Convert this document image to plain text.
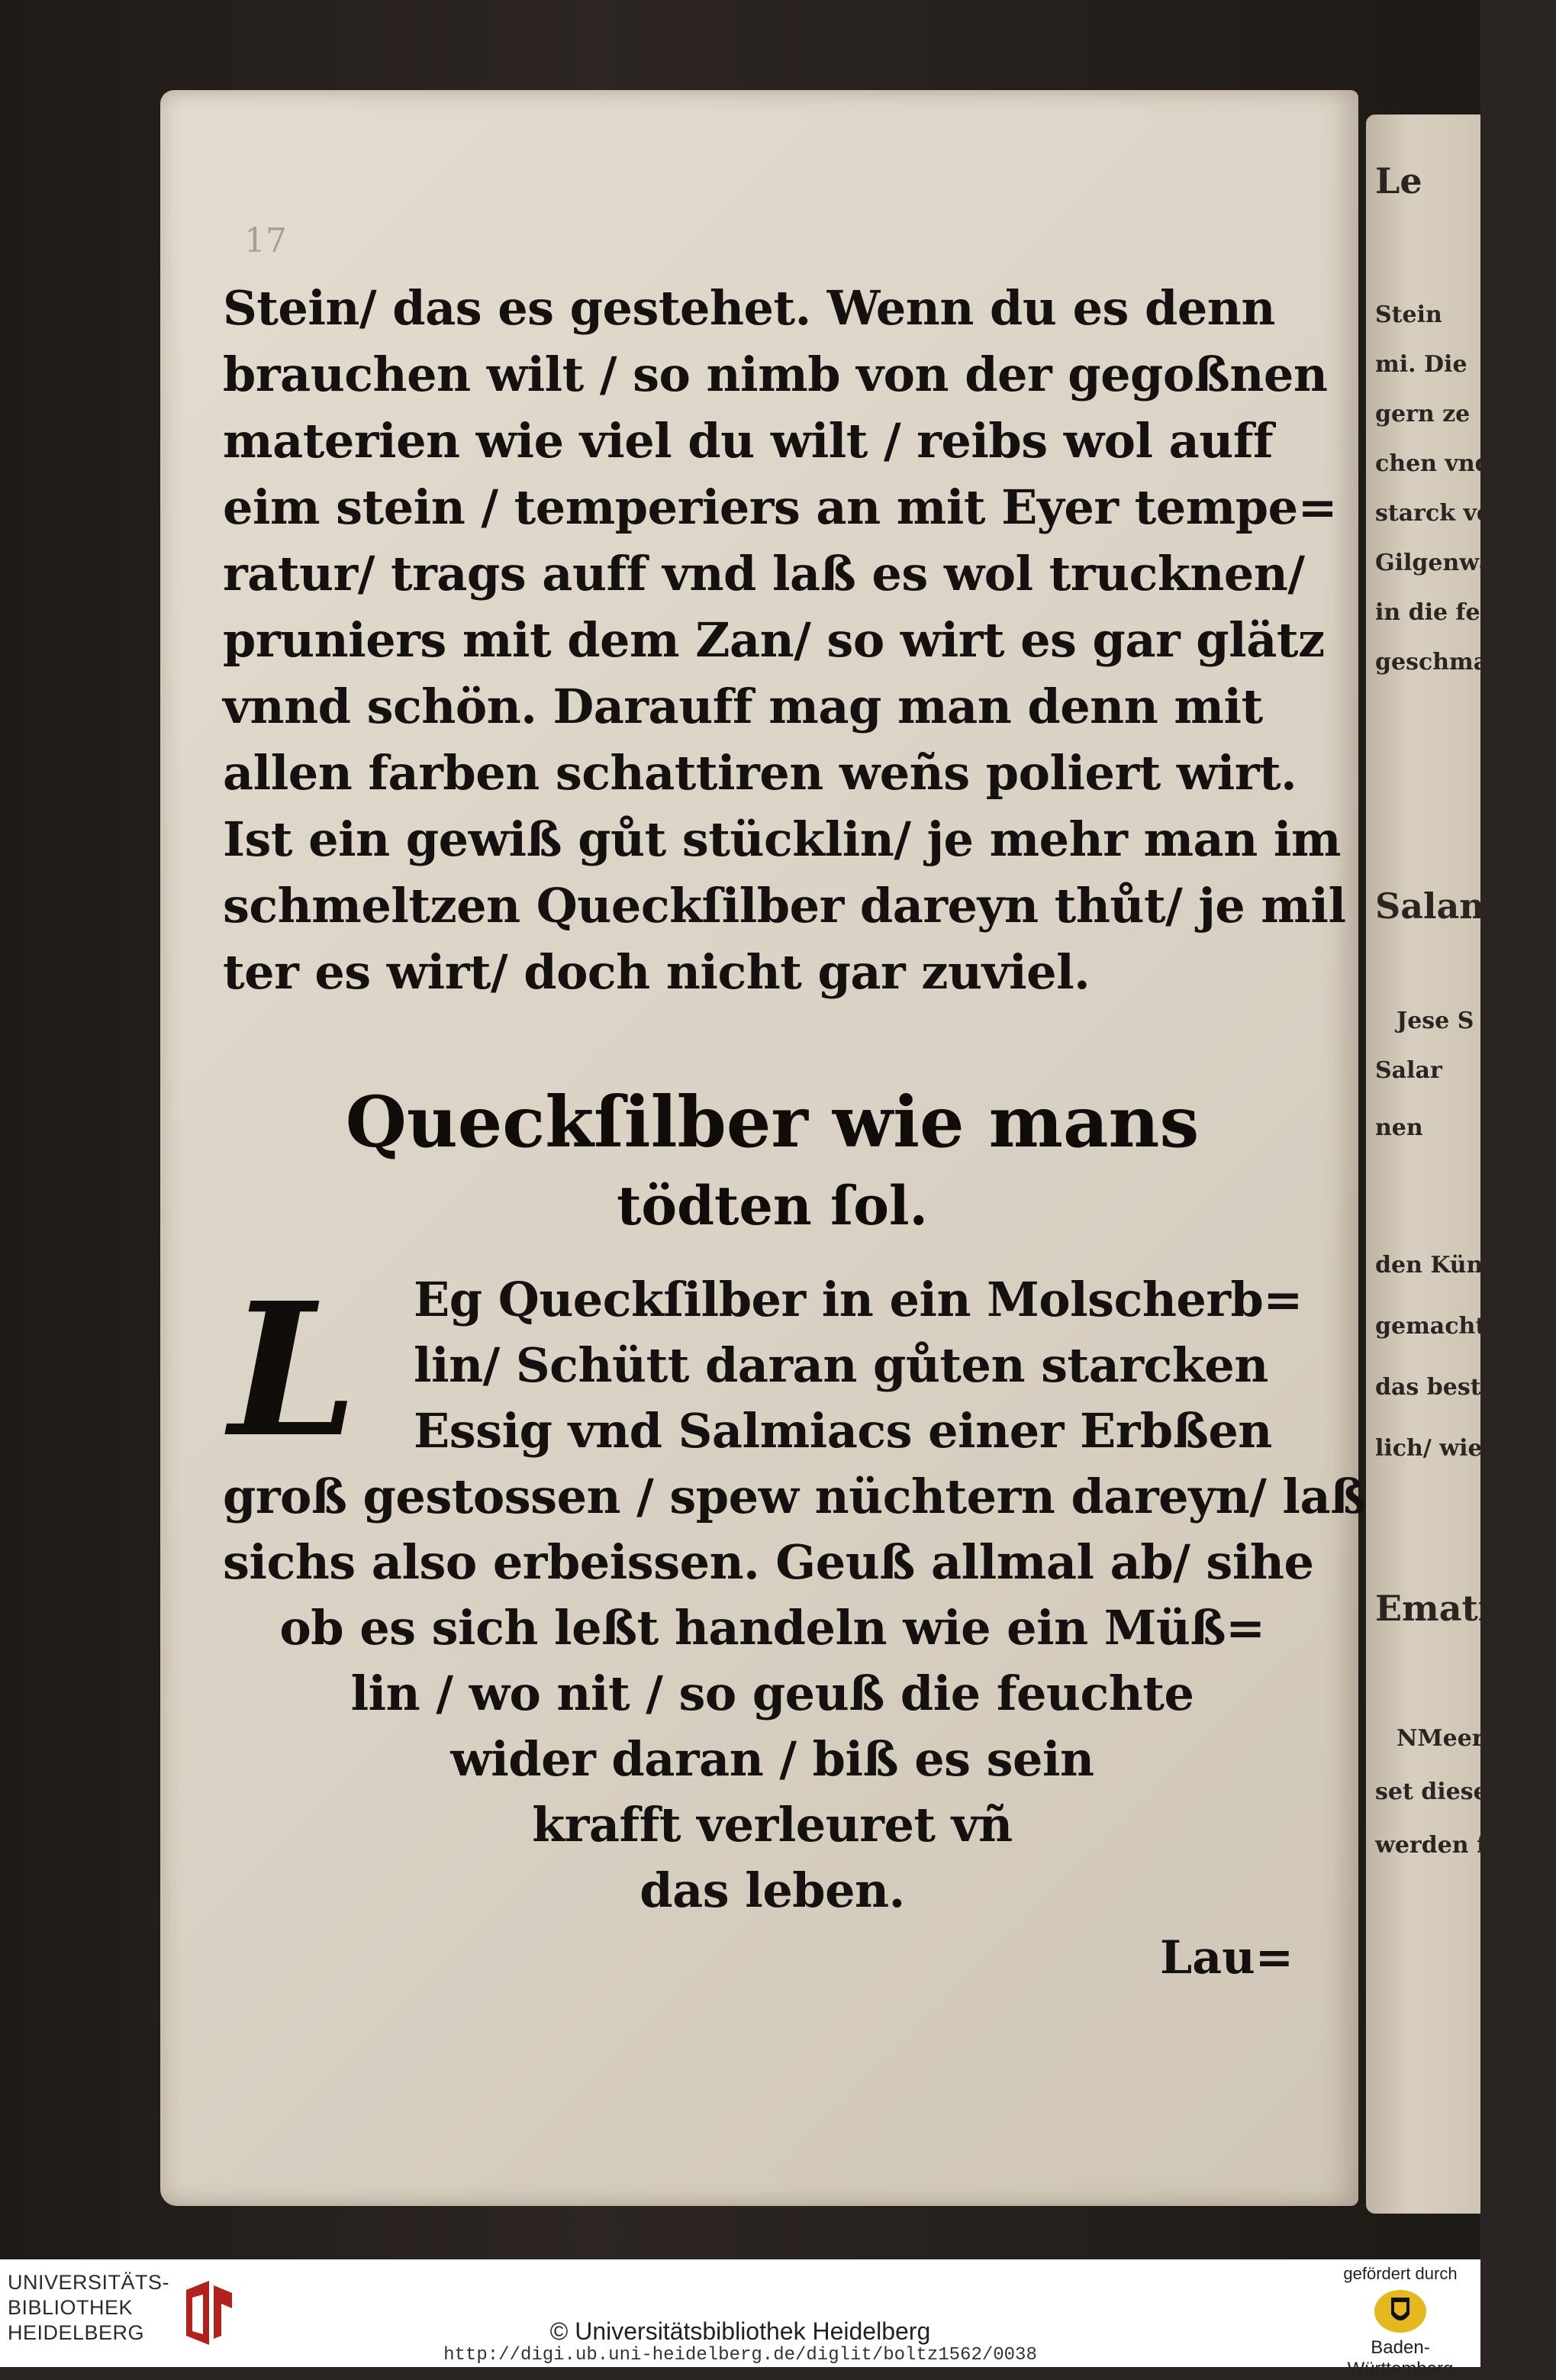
Le
Stein
mi. Die
gern ze
chen vnder
starck verw
Gilgenwas
in die ferblin
geschmack.
Salam
Jese S
Salar
nen
den Künstle
gemacht/ da
das beste. J
lich/ wie du in
Ematit
NMeer
set dieser
werden f
17
Stein/ das es gestehet. Wenn du es denn
brauchen wilt / so nimb von der gegoßnen
materien wie viel du wilt / reibs wol auff
eim stein / temperiers an mit Eyer tempe=
ratur/ trags auff vnd laß es wol trucknen/
pruniers mit dem Zan/ so wirt es gar glätz
vnnd schön. Darauff mag man denn mit
allen farben schattiren weñs poliert wirt.
Ist ein gewiß gůt stücklin/ je mehr man im
schmeltzen Queckſilber dareyn thůt/ je mil
ter es wirt/ doch nicht gar zuviel.
Queckſilber wie mans
tödten ſol.
L	Eg Queckſilber in ein Molscherb=
lin/ Schütt daran gůten starcken
Essig vnd Salmiacs einer Erbßen
groß gestossen / spew nüchtern dareyn/ laß
sichs also erbeissen. Geuß allmal ab/ sihe
ob es sich leßt handeln wie ein Müß=
lin / wo nit / so geuß die feuchte
wider daran / biß es sein
krafft verleuret vñ
das leben.
Lau=
UNIVERSITÄTS-
BIBLIOTHEK
HEIDELBERG	© Universitätsbibliothek Heidelberg
http://digi.ub.uni-heidelberg.de/diglit/boltz1562/0038
gefördert durch
Baden-Württemberg
